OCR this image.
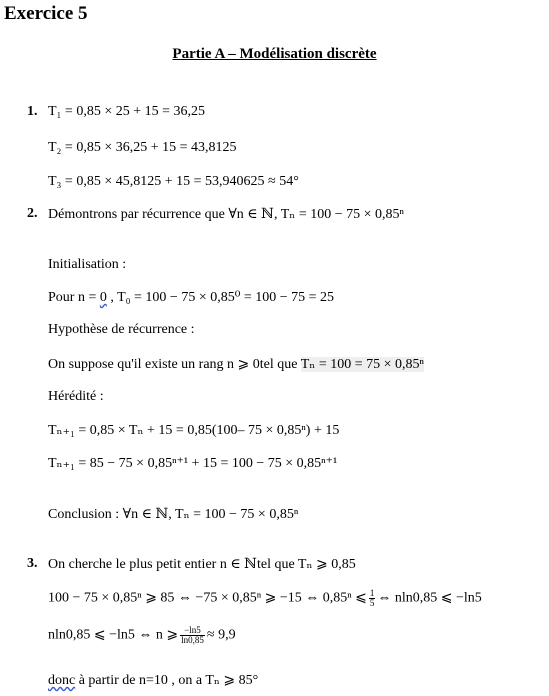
Exercice 5
Partie A – Modélisation discrète
1. T₁ = 0,85 × 25 + 15 = 36,25
T₂ = 0,85 × 36,25 + 15 = 43,8125
T₃ = 0,85 × 45,8125 + 15 = 53,940625 ≈ 54°
2. Démontrons par récurrence que ∀n ∈ ℕ, Tₙ = 100 − 75 × 0,85ⁿ
Initialisation :
Pour n = 0 , T₀ = 100 − 75 × 0,85⁰ = 100 − 75 = 25
Hypothèse de récurrence :
On suppose qu'il existe un rang n ⩾ 0tel que Tₙ = 100 = 75 × 0,85ⁿ
Hérédité :
Tₙ₊₁ = 0,85 × Tₙ + 15 = 0,85(100– 75 × 0,85ⁿ) + 15
Tₙ₊₁ = 85 − 75 × 0,85ⁿ⁺¹ + 15 = 100 − 75 × 0,85ⁿ⁺¹
Conclusion : ∀n ∈ ℕ, Tₙ = 100 − 75 × 0,85ⁿ
3. On cherche le plus petit entier n ∈ ℕtel que Tₙ ⩾ 0,85
100 − 75 × 0,85ⁿ ⩾ 85 ⇔ −75 × 0,85ⁿ ⩾ −15 ⇔ 0,85ⁿ ⩽ $\frac{1}{5}$ ⇔ nln0,85 ⩽ −ln5
nln0,85 ⩽ −ln5 ⇔ n ⩾ $\frac{-\ln 5}{\ln 0,85} \approx 9,9$
donc à partir de n=10 , on a Tₙ ⩾ 85°
